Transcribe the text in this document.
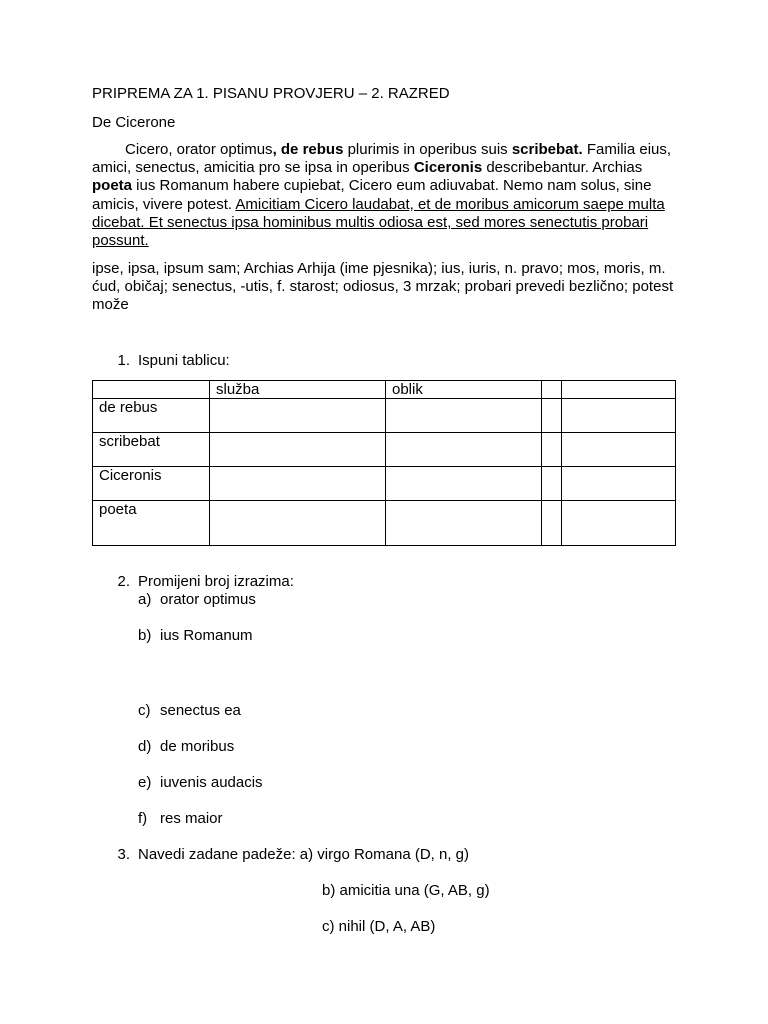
PRIPREMA ZA 1. PISANU PROVJERU – 2. RAZRED
De Cicerone
Cicero, orator optimus, de rebus plurimis in operibus suis scribebat. Familia eius, amici, senectus, amicitia pro se ipsa in operibus Ciceronis describebantur. Archias poeta ius Romanum habere cupiebat, Cicero eum adiuvabat. Nemo nam solus, sine amicis, vivere potest. Amicitiam Cicero laudabat, et de moribus amicorum saepe multa dicebat. Et senectus ipsa hominibus multis odiosa est, sed mores senectutis probari possunt.
ipse, ipsa, ipsum sam; Archias Arhija (ime pjesnika); ius, iuris, n. pravo; mos, moris, m. ćud, običaj; senectus, -utis, f. starost; odiosus, 3 mrzak; probari prevedi bezlično; potest može
1. Ispuni tablicu:
	služba	oblik		
de rebus				
scribebat				
Ciceronis				
poeta				
2. Promijeni broj izrazima:
a) orator optimus
b) ius Romanum
c) senectus ea
d) de moribus
e) iuvenis audacis
f) res maior
3. Navedi zadane padeže: a) virgo Romana (D, n, g)
b) amicitia una (G, AB, g)
c) nihil (D, A, AB)
